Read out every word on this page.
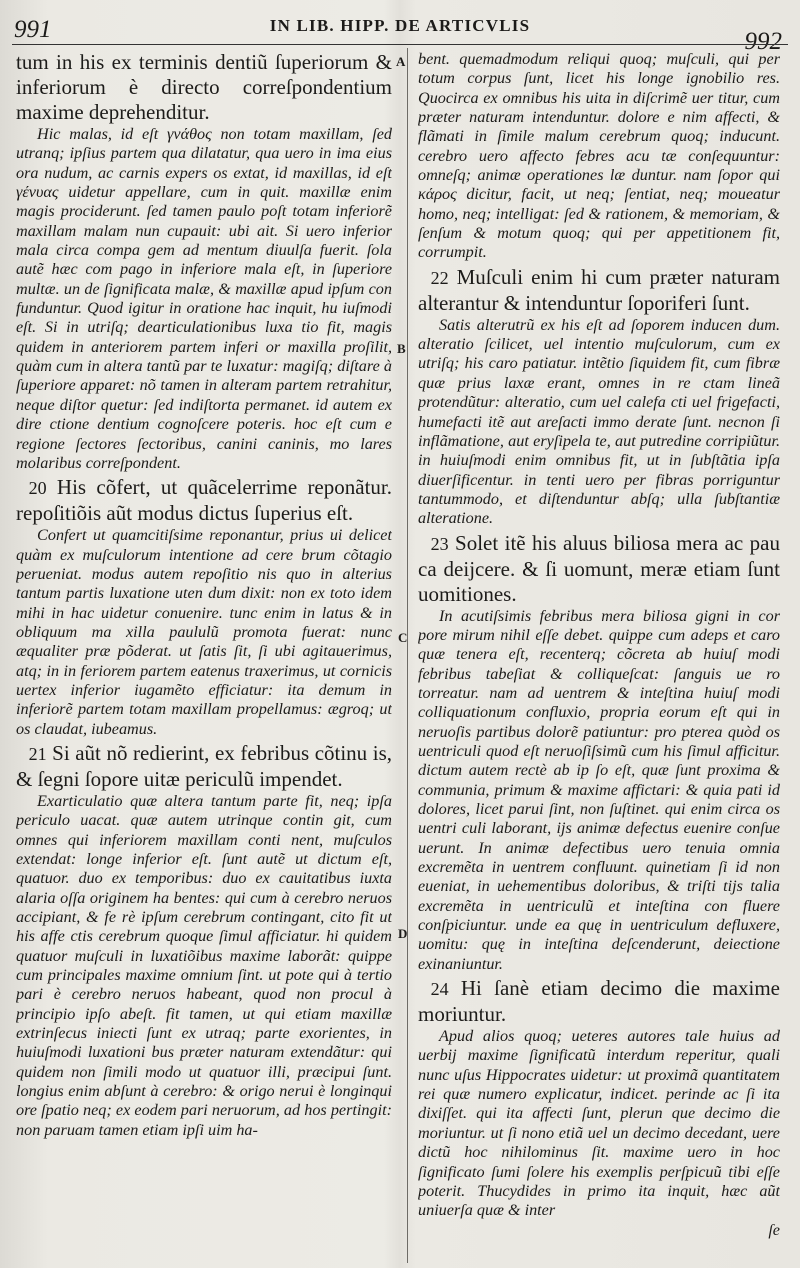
991	IN LIB. HIPP. DE ARTICVLIS
992

tum in his ex terminis dentiũ ſuperiorum & inferiorum è directo correſpondentium maxime deprehenditur.

Hic malas, id eſt γνάθος non totam maxillam, ſed utranq; ipſius partem qua dilatatur, qua uero in ima eius ora nudum, ac carnis expers os extat, id maxillas, id eſt γένυας uidetur appellare, cum in quit. maxillæ enim magis prociderunt. ſed tamen paulo poſt totam inferiorẽ maxillam malam nun cupauit: ubi ait. Si uero inferior mala circa compa gem ad mentum diuulſa fuerit. ſola autẽ hæc com pago in inferiore mala eſt, in ſuperiore multæ. un de ſignificata malæ, & maxillæ apud ipſum con funduntur. Quod igitur in oratione hac inquit, hu iuſmodi eſt. Si in utriſq; dearticulationibus luxa tio fit, magis quidem in anteriorem partem inferi or maxilla proſilit, quàm cum in altera tantũ par te luxatur: magiſq; diſtare à ſuperiore apparet: nõ tamen in alteram partem retrahitur, neque diſtor quetur: ſed indiſtorta permanet. id autem ex dire ctione dentium cognoſcere poteris. hoc eſt cum e regione ſectores ſectoribus, canini caninis, mo lares molaribus correſpondent.

20 His cõfert, ut quãcelerrime reponãtur. repoſitiõis aũt modus dictus ſuperius eſt.

Confert ut quamcitiſsime reponantur, prius ui delicet quàm ex muſculorum intentione ad cere brum cõtagio perueniat. modus autem repoſitio nis quo in alterius tantum partis luxatione uten dum dixit: non ex toto idem mihi in hac uidetur conuenire. tunc enim in latus & in obliquum ma xilla paululũ promota fuerat: nunc æqualiter præ põderat. ut ſatis ſit, ſi ubi agitauerimus, atq; in in feriorem partem eatenus traxerimus, ut cornicis uertex inferior iugamẽto efficiatur: ita demum in inferiorẽ partem totam maxillam propellamus: ægroq; ut os claudat, iubeamus.

21 Si aũt nõ redierint, ex febribus cõtinu is, & ſegni ſopore uitæ periculũ impendet.

Exarticulatio quæ altera tantum parte fit, neq; ipſa periculo uacat. quæ autem utrinque contin git, cum omnes qui inferiorem maxillam conti nent, muſculos extendat: longe inferior eſt. ſunt autẽ ut dictum eſt, quatuor. duo ex temporibus: duo ex cauitatibus iuxta alaria oſſa originem ha bentes: qui cum à cerebro neruos accipiant, & fe rè ipſum cerebrum contingant, cito fit ut his affe ctis cerebrum quoque ſimul afficiatur. hi quidem quatuor muſculi in luxatiõibus maxime laborãt: quippe cum principales maxime omnium ſint. ut pote qui à tertio pari è cerebro neruos habeant, quod non procul à principio ipſo abeſt. fit tamen, ut qui etiam maxillæ extrinſecus iniecti ſunt ex utraq; parte exorientes, in huiuſmodi luxationi bus præter naturam extendãtur: qui quidem non ſimili modo ut quatuor illi, præcipui ſunt. longius enim abſunt à cerebro: & origo nerui è longinqui ore ſpatio neq; ex eodem pari neruorum, ad hos pertingit: non paruam tamen etiam ipſi uim ha-

A
B
C
D

bent. quemadmodum reliqui quoq; muſculi, qui per totum corpus ſunt, licet his longe ignobilio res. Quocirca ex omnibus his uita in diſcrimẽ uer titur, cum præter naturam intenduntur. dolore e nim affecti, & flãmati in ſimile malum cerebrum quoq; inducunt. cerebro uero affecto febres acu tæ conſequuntur: omneſq; animæ operationes læ duntur. nam ſopor qui κάρος dicitur, facit, ut neq; ſentiat, neq; moueatur homo, neq; intelligat: ſed & rationem, & memoriam, & ſenſum & motum quoq; qui per appetitionem fit, corrumpit.

22 Muſculi enim hi cum præter naturam alterantur & intenduntur ſoporiferi ſunt.

Satis alterutrũ ex his eſt ad ſoporem inducen dum. alteratio ſcilicet, uel intentio muſculorum, cum ex utriſq; his caro patiatur. intẽtio ſiquidem fit, cum fibræ quæ prius laxæ erant, omnes in re ctam lineã protendũtur: alteratio, cum uel calefa cti uel frigefacti, humefacti itẽ aut areſacti immo derate ſunt. necnon ſi inflãmatione, aut eryſipela te, aut putredine corripiũtur. in huiuſmodi enim omnibus fit, ut in ſubſtãtia ipſa diuerſificentur. in tenti uero per fibras porriguntur tantummodo, et diſtenduntur abſq; ulla ſubſtantiæ alteratione.

23 Solet itẽ his aluus biliosa mera ac pau ca deijcere. & ſi uomunt, meræ etiam ſunt uomitiones.

In acutiſsimis febribus mera biliosa gigni in cor pore mirum nihil eſſe debet. quippe cum adeps et caro quæ tenera eſt, recenterq; cõcreta ab huiuſ modi febribus tabeſiat & colliqueſcat: ſanguis ue ro torreatur. nam ad uentrem & inteſtina huiuſ modi colliquationum confluxio, propria eorum eſt qui in neruoſis partibus dolorẽ patiuntur: pro pterea quòd os uentriculi quod eſt neruoſiſsimũ cum his ſimul afficitur. dictum autem rectè ab ip ſo eſt, quæ ſunt proxima & communia, primum & maxime affictari: & quia pati id dolores, licet parui ſint, non ſuſtinet. qui enim circa os uentri culi laborant, ijs animæ defectus euenire conſue uerunt. In animæ defectibus uero tenuia omnia excremẽta in uentrem confluunt. quinetiam ſi id non eueniat, in uehementibus doloribus, & triſti tijs talia excremẽta in uentriculũ et inteſtina con fluere conſpiciuntur. unde ea quę in uentriculum defluxere, uomitu: quę in inteſtina deſcenderunt, deiectione exinaniuntur.

24 Hi ſanè etiam decimo die maxime moriuntur.

Apud alios quoq; ueteres autores tale huius ad uerbij maxime ſignificatũ interdum reperitur, quali nunc uſus Hippocrates uidetur: ut proximã quantitatem rei quæ numero explicatur, indicet. perinde ac ſi ita dixiſſet. qui ita affecti ſunt, plerun que decimo die moriuntur. ut ſi nono etiã uel un decimo decedant, uere dictũ hoc nihilominus ſit. maxime uero in hoc ſignificato ſumi ſolere his exemplis perſpicuũ tibi eſſe poterit. Thucydides in primo ita inquit, hæc aũt uniuerſa quæ & inter

ſe
